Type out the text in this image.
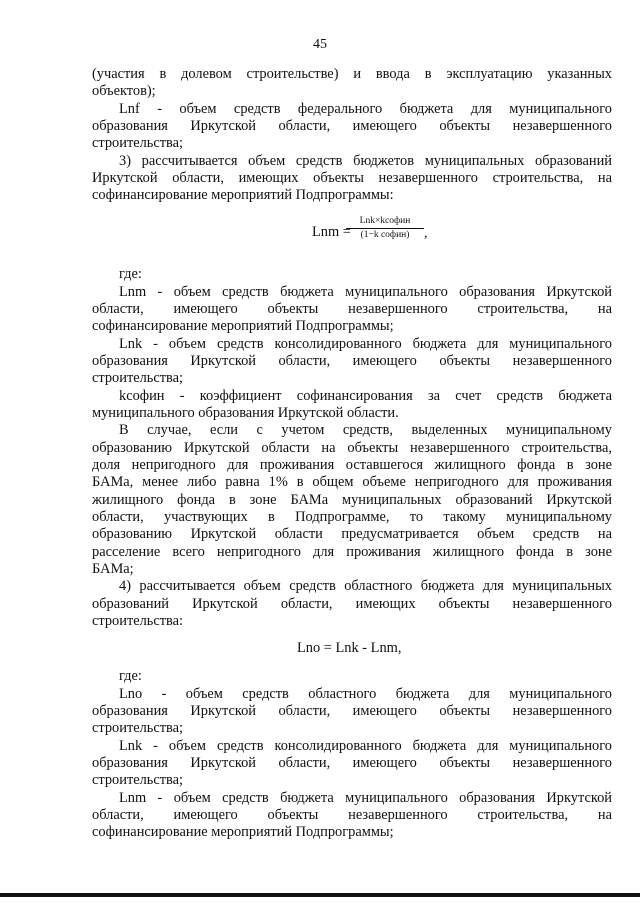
45
(участия в долевом строительстве) и ввода в эксплуатацию указанных
объектов);
Lnf - объем средств федерального бюджета для муниципального
образования Иркутской области, имеющего объекты незавершенного
строительства;
3) рассчитывается объем средств бюджетов муниципальных образований
Иркутской области, имеющих объекты незавершенного строительства, на
софинансирование мероприятий Подпрограммы:
Lnm =
Lnk×kсофин
(1−k софин)	,
где:
Lnm - объем средств бюджета муниципального образования Иркутской
области, имеющего объекты незавершенного строительства, на
софинансирование мероприятий Подпрограммы;
Lnk - объем средств консолидированного бюджета для муниципального
образования Иркутской области, имеющего объекты незавершенного
строительства;
kсофин - коэффициент софинансирования за счет средств бюджета
муниципального образования Иркутской области.
В случае, если с учетом средств, выделенных муниципальному
образованию Иркутской области на объекты незавершенного строительства,
доля непригодного для проживания оставшегося жилищного фонда в зоне
БАМа, менее либо равна 1% в общем объеме непригодного для проживания
жилищного фонда в зоне БАМа муниципальных образований Иркутской
области, участвующих в Подпрограмме, то такому муниципальному
образованию Иркутской области предусматривается объем средств на
расселение всего непригодного для проживания жилищного фонда в зоне
БАМа;
4) рассчитывается объем средств областного бюджета для муниципальных
образований Иркутской области, имеющих объекты незавершенного
строительства:
Lno = Lnk - Lnm,
где:
Lno - объем средств областного бюджета для муниципального
образования Иркутской области, имеющего объекты незавершенного
строительства;
Lnk - объем средств консолидированного бюджета для муниципального
образования Иркутской области, имеющего объекты незавершенного
строительства;
Lnm - объем средств бюджета муниципального образования Иркутской
области, имеющего объекты незавершенного строительства, на
софинансирование мероприятий Подпрограммы;
